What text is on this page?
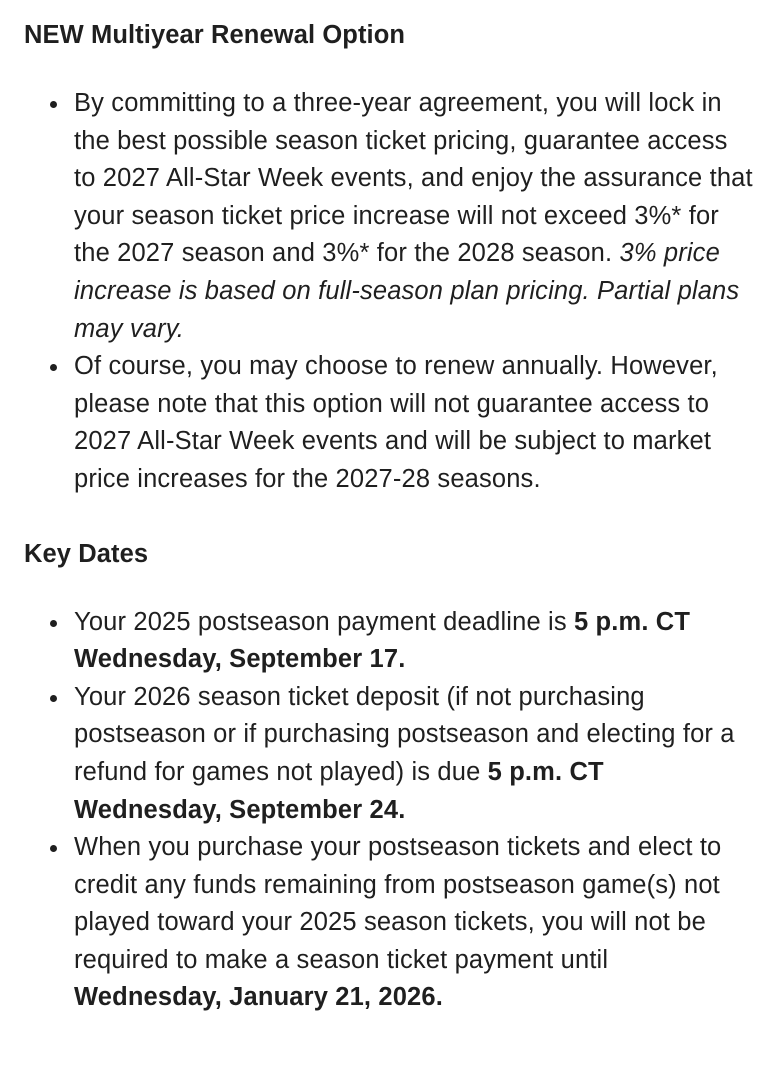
NEW Multiyear Renewal Option
By committing to a three-year agreement, you will lock in the best possible season ticket pricing, guarantee access to 2027 All-Star Week events, and enjoy the assurance that your season ticket price increase will not exceed 3%* for the 2027 season and 3%* for the 2028 season. 3% price increase is based on full-season plan pricing. Partial plans may vary.
Of course, you may choose to renew annually. However, please note that this option will not guarantee access to 2027 All-Star Week events and will be subject to market price increases for the 2027-28 seasons.
Key Dates
Your 2025 postseason payment deadline is 5 p.m. CT Wednesday, September 17.
Your 2026 season ticket deposit (if not purchasing postseason or if purchasing postseason and electing for a refund for games not played) is due 5 p.m. CT Wednesday, September 24.
When you purchase your postseason tickets and elect to credit any funds remaining from postseason game(s) not played toward your 2025 season tickets, you will not be required to make a season ticket payment until Wednesday, January 21, 2026.
